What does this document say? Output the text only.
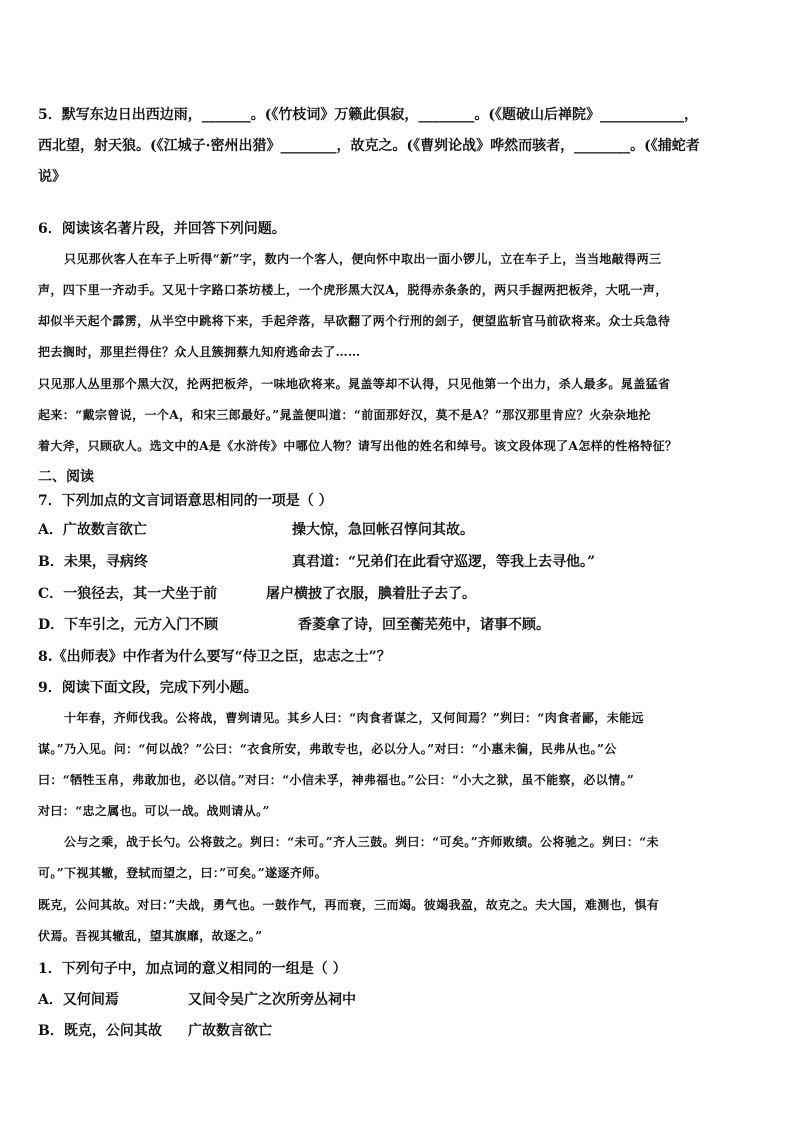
5．默写东边日出西边雨，_______。(《竹枝词》万籁此俱寂，________。(《题破山后禅院》____________，
西北望，射天狼。(《江城子·密州出猎》________，故克之。(《曹刿论战》哗然而骇者，________。(《捕蛇者
说》
6．阅读该名著片段，并回答下列问题。
只见那伙客人在车子上听得“新”字，数内一个客人，便向怀中取出一面小锣儿，立在车子上，当当地敲得两三
声，四下里一齐动手。又见十字路口茶坊楼上，一个虎形黑大汉A，脱得赤条条的，两只手握两把板斧，大吼一声，
却似半天起个霹雳，从半空中跳将下来，手起斧落，早砍翻了两个行刑的刽子，便望监斩官马前砍将来。众士兵急待
把去搁时，那里拦得住？众人且簇拥蔡九知府逃命去了……
只见那人丛里那个黑大汉，抡两把板斧，一味地砍将来。晁盖等却不认得，只见他第一个出力，杀人最多。晁盖猛省
起来：“戴宗曾说，一个A，和宋三郎最好。”晁盖便叫道：“前面那好汉，莫不是A？”那汉那里肯应？火杂杂地抡
着大斧，只顾砍人。选文中的A是《水浒传》中哪位人物？请写出他的姓名和绰号。该文段体现了A怎样的性格特征？
二、阅读
7．下列加点的文言词语意思相同的一项是（ ）
A．广故数言欲亡	操大惊，急回帐召惇问其故。
B．未果，寻病终	真君道：“兄弟们在此看守巡逻，等我上去寻他。”
C．一狼径去，其一犬坐于前	屠户横披了衣服，腆着肚子去了。
D．下车引之，元方入门不顾	香菱拿了诗，回至蘅芜苑中，诸事不顾。
8.《出师表》中作者为什么要写“侍卫之臣，忠志之士”？
9．阅读下面文段，完成下列小题。
十年春，齐师伐我。公将战，曹刿请见。其乡人曰：“肉食者谋之，又何间焉？”刿曰：“肉食者鄙，未能远
谋。”乃入见。问：“何以战？”公曰：“衣食所安，弗敢专也，必以分人。”对曰：“小惠未徧，民弗从也。”公
曰：“牺牲玉帛，弗敢加也，必以信。”对曰：“小信未孚，神弗福也。”公曰：“小大之狱，虽不能察，必以情。”
对曰：“忠之属也。可以一战。战则请从。”
公与之乘，战于长勺。公将鼓之。刿曰：“未可。”齐人三鼓。刿曰：“可矣。”齐师败绩。公将驰之。刿曰：“未
可。”下视其辙，登轼而望之，曰：”可矣。”遂逐齐师。
既克，公问其故。对曰：”夫战，勇气也。一鼓作气，再而衰，三而竭。彼竭我盈，故克之。夫大国，难测也，惧有
伏焉。吾视其辙乱，望其旗靡，故逐之。”
1．下列句子中，加点词的意义相同的一组是（ ）
A．又何间焉	又间令吴广之次所旁丛祠中
B．既克，公问其故 广故数言欲亡
